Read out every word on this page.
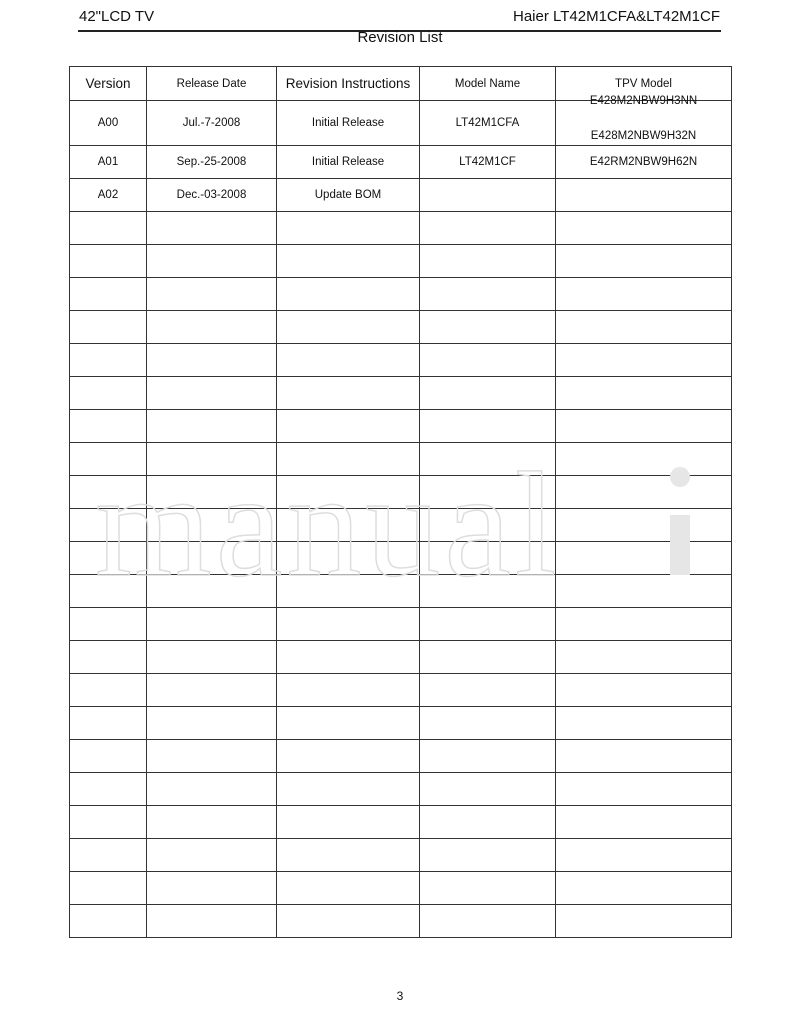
42"LCD TV	Haier LT42M1CFA&LT42M1CF
Revision List
Version	Release Date	Revision Instructions	Model Name	TPV Model
A00	Jul.-7-2008	Initial Release	LT42M1CFA	E428M2NBW9H3NN
E428M2NBW9H32N

A01	Sep.-25-2008	Initial Release	LT42M1CF	E42RM2NBW9H62N
A02	Dec.-03-2008	Update BOM		

manual
3
